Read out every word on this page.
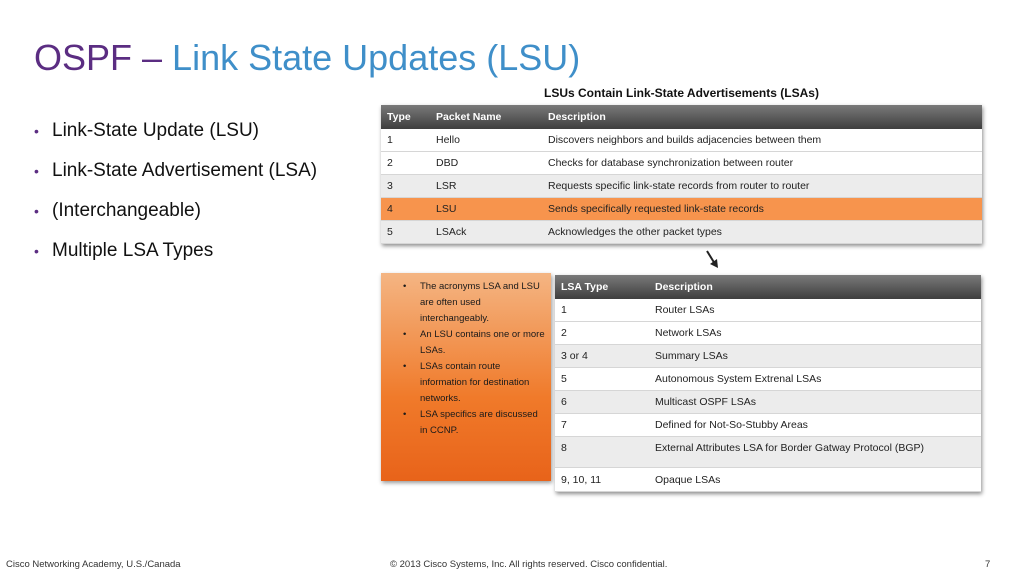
OSPF – Link State Updates (LSU)
• Link-State Update (LSU)
• Link-State Advertisement (LSA)
• (Interchangeable)
• Multiple LSA Types
LSUs Contain Link-State Advertisements (LSAs)
Type	Packet Name	Description
1	Hello	Discovers neighbors and builds adjacencies between them
2	DBD	Checks for database synchronization between router
3	LSR	Requests specific link-state records from router to router
4	LSU	Sends specifically requested link-state records
5	LSAck	Acknowledges the other packet types
• The acronyms LSA and LSU are often used interchangeably.
• An LSU contains one or more LSAs.
• LSAs contain route information for destination networks.
• LSA specifics are discussed in CCNP.
LSA Type	Description
1	Router LSAs
2	Network LSAs
3 or 4	Summary LSAs
5	Autonomous System Extrenal LSAs
6	Multicast OSPF LSAs
7	Defined for Not-So-Stubby Areas
8	External Attributes LSA for Border Gatway Protocol (BGP)
9, 10, 11	Opaque LSAs
Cisco Networking Academy, U.S./Canada	© 2013 Cisco Systems, Inc. All rights reserved. Cisco confidential.	7
